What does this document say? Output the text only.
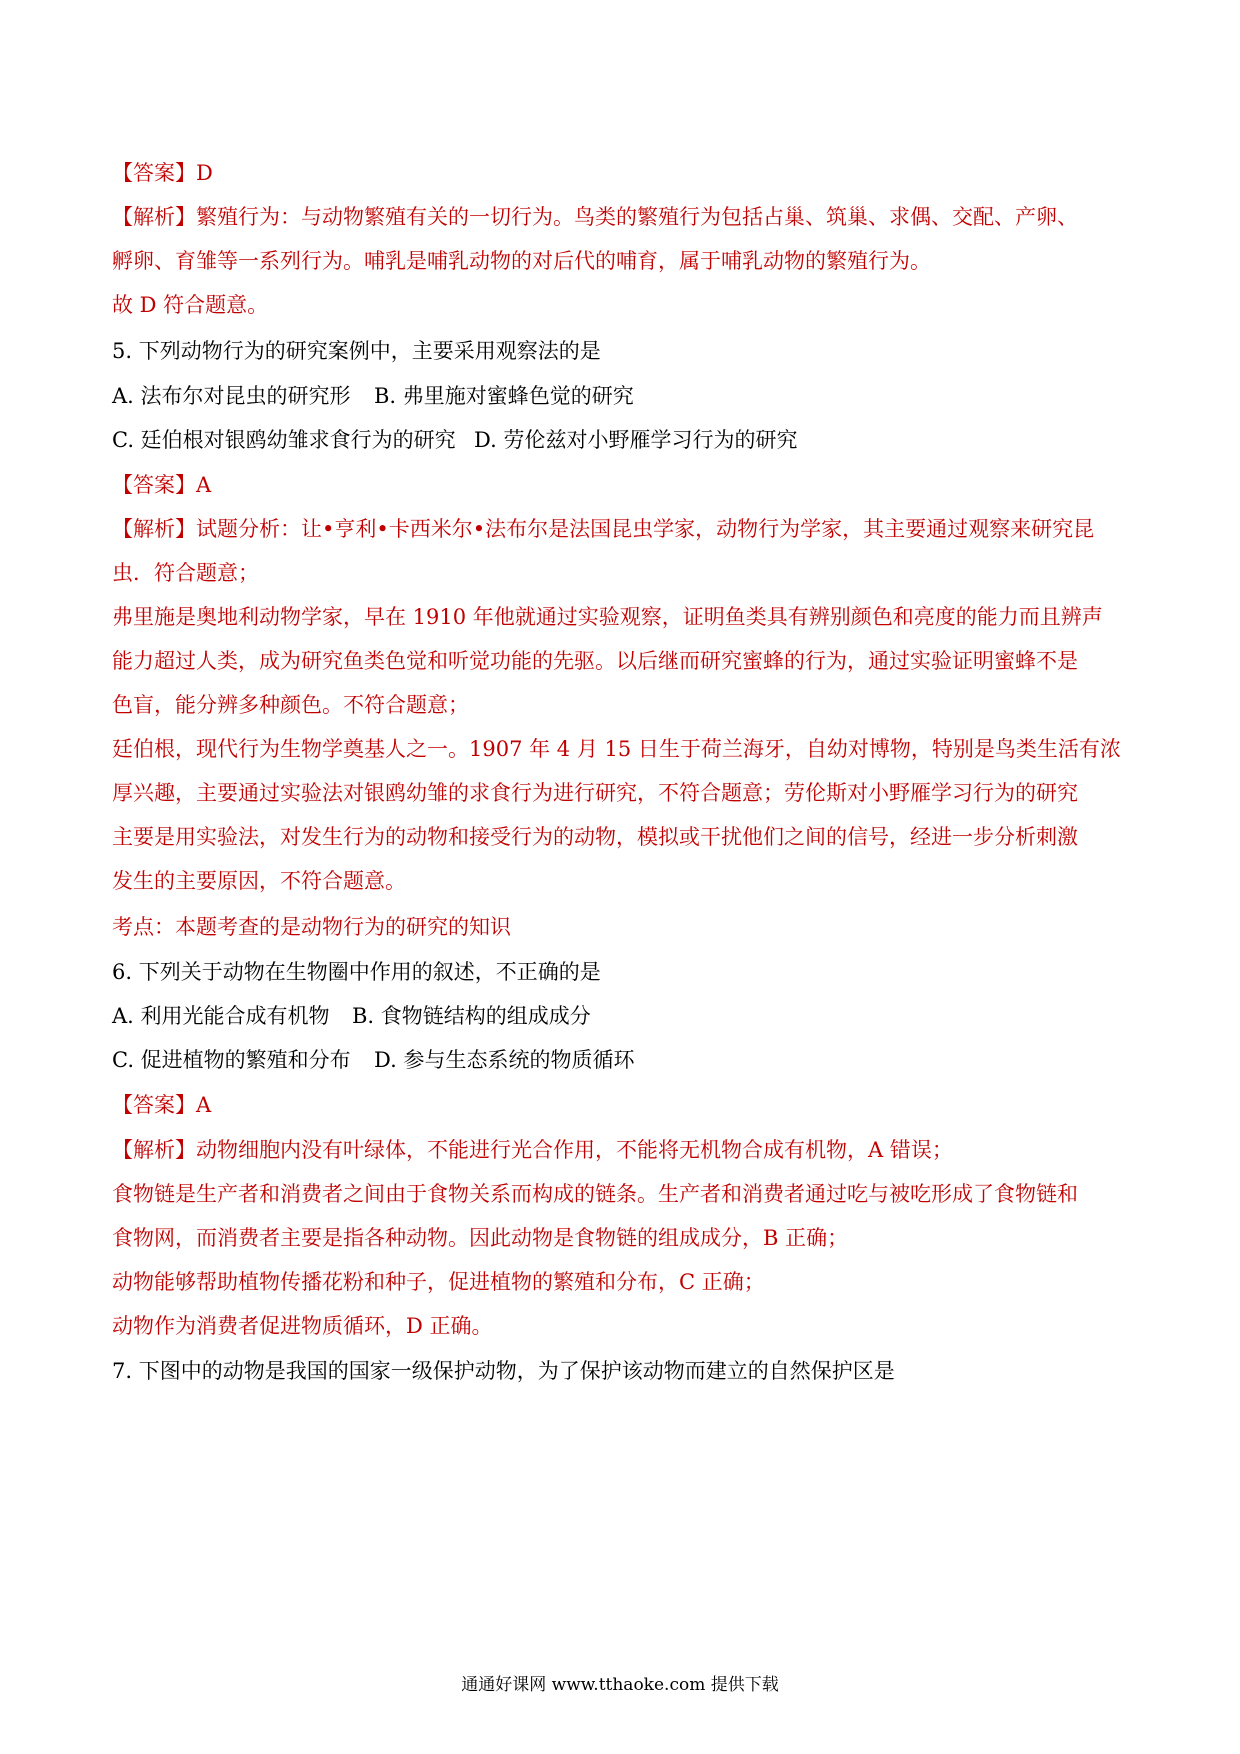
【答案】D
【解析】繁殖行为：与动物繁殖有关的一切行为。鸟类的繁殖行为包括占巢、筑巢、求偶、交配、产卵、
孵卵、育雏等一系列行为。哺乳是哺乳动物的对后代的哺育，属于哺乳动物的繁殖行为。
故 D 符合题意。
5. 下列动物行为的研究案例中，主要采用观察法的是
A. 法布尔对昆虫的研究形 B. 弗里施对蜜蜂色觉的研究
C. 廷伯根对银鸥幼雏求食行为的研究 D. 劳伦兹对小野雁学习行为的研究
【答案】A
【解析】试题分析：让•亨利•卡西米尔•法布尔是法国昆虫学家，动物行为学家，其主要通过观察来研究昆
虫．符合题意；
弗里施是奥地利动物学家，早在 1910 年他就通过实验观察，证明鱼类具有辨别颜色和亮度的能力而且辨声
能力超过人类，成为研究鱼类色觉和听觉功能的先驱。以后继而研究蜜蜂的行为，通过实验证明蜜蜂不是
色盲，能分辨多种颜色。不符合题意；
廷伯根，现代行为生物学奠基人之一。1907 年 4 月 15 日生于荷兰海牙，自幼对博物，特别是鸟类生活有浓
厚兴趣，主要通过实验法对银鸥幼雏的求食行为进行研究，不符合题意；劳伦斯对小野雁学习行为的研究
主要是用实验法，对发生行为的动物和接受行为的动物，模拟或干扰他们之间的信号，经进一步分析刺激
发生的主要原因，不符合题意。
考点：本题考查的是动物行为的研究的知识
6. 下列关于动物在生物圈中作用的叙述，不正确的是
A. 利用光能合成有机物 B. 食物链结构的组成成分
C. 促进植物的繁殖和分布 D. 参与生态系统的物质循环
【答案】A
【解析】动物细胞内没有叶绿体，不能进行光合作用，不能将无机物合成有机物，A 错误；
食物链是生产者和消费者之间由于食物关系而构成的链条。生产者和消费者通过吃与被吃形成了食物链和
食物网，而消费者主要是指各种动物。因此动物是食物链的组成成分，B 正确；
动物能够帮助植物传播花粉和种子，促进植物的繁殖和分布，C 正确；
动物作为消费者促进物质循环，D 正确。
7. 下图中的动物是我国的国家一级保护动物，为了保护该动物而建立的自然保护区是
通通好课网 www.tthaoke.com 提供下载
